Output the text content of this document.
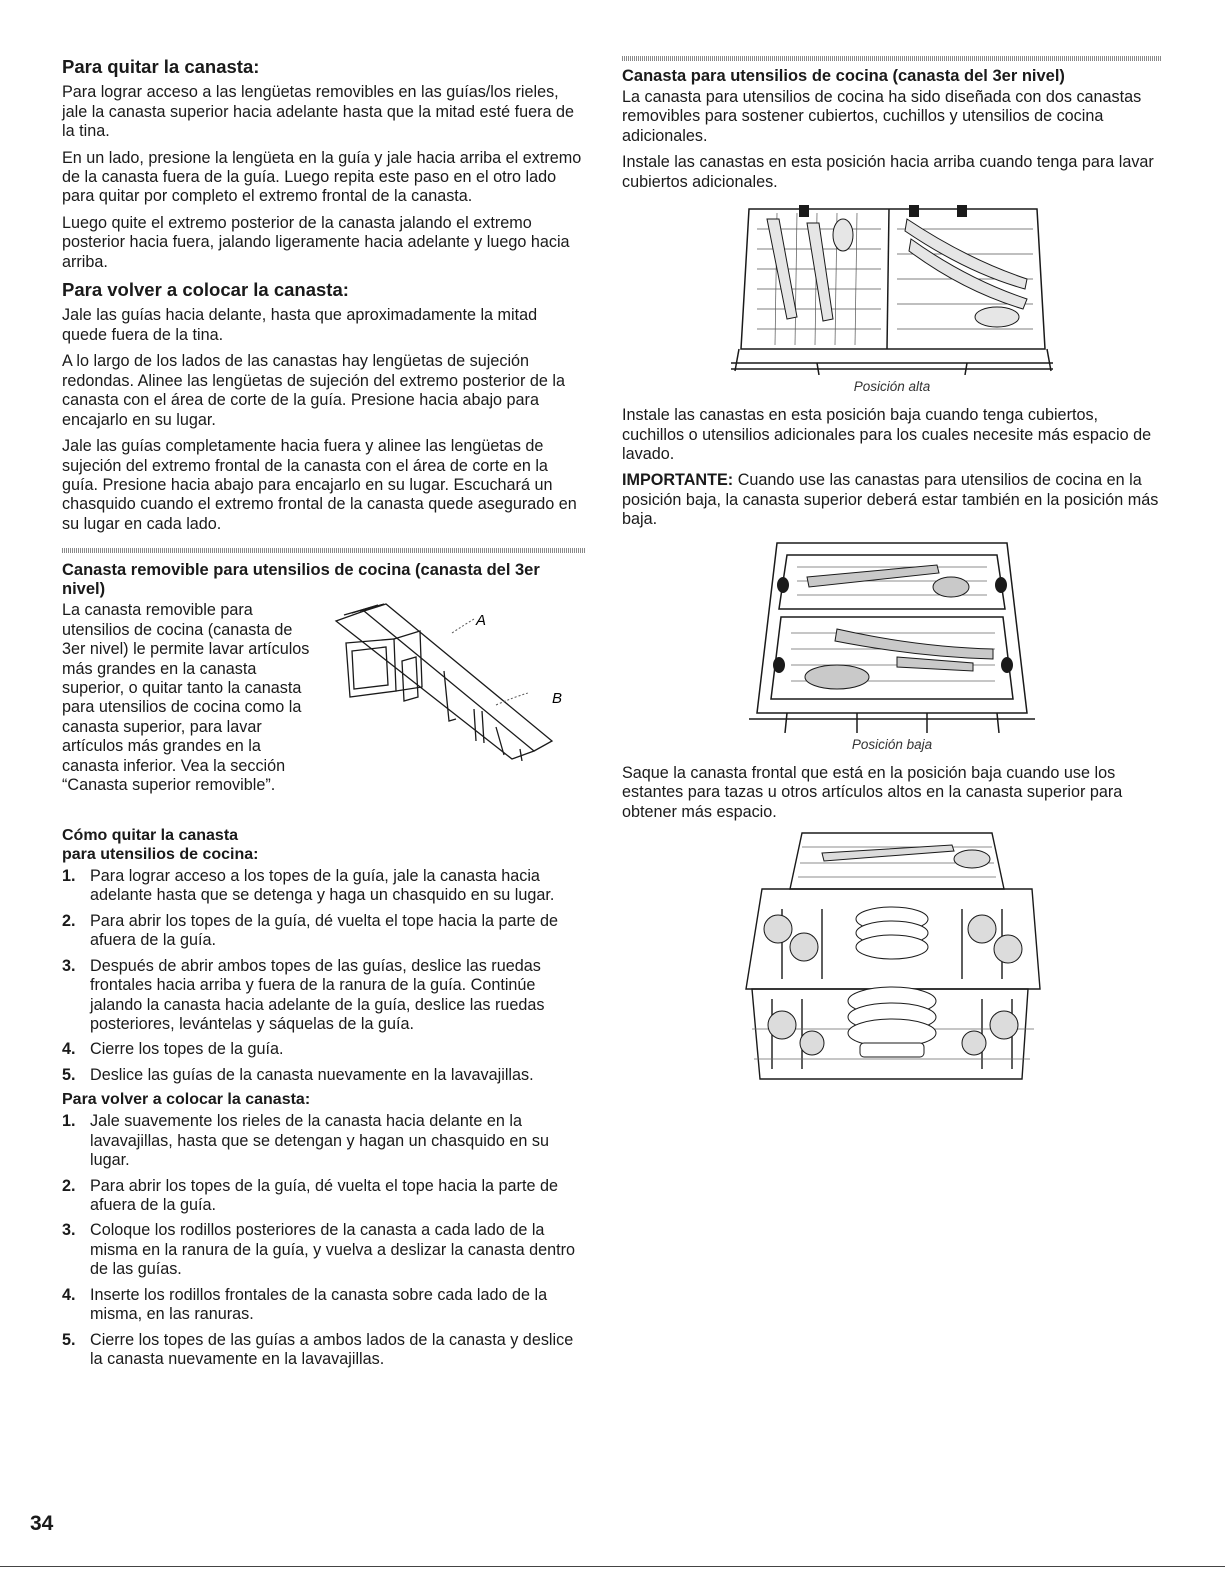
Para quitar la canasta:

Para lograr acceso a las lengüetas removibles en las guías/los rieles, jale la canasta superior hacia adelante hasta que la mitad esté fuera de la tina.

En un lado, presione la lengüeta en la guía y jale hacia arriba el extremo de la canasta fuera de la guía. Luego repita este paso en el otro lado para quitar por completo el extremo frontal de la canasta.

Luego quite el extremo posterior de la canasta jalando el extremo posterior hacia fuera, jalando ligeramente hacia adelante y luego hacia arriba.

Para volver a colocar la canasta:

Jale las guías hacia delante, hasta que aproximadamente la mitad quede fuera de la tina.

A lo largo de los lados de las canastas hay lengüetas de sujeción redondas. Alinee las lengüetas de sujeción del extremo posterior de la canasta con el área de corte de la guía. Presione hacia abajo para encajarlo en su lugar.

Jale las guías completamente hacia fuera y alinee las lengüetas de sujeción del extremo frontal de la canasta con el área de corte en la guía. Presione hacia abajo para encajarlo en su lugar. Escuchará un chasquido cuando el extremo frontal de la canasta quede asegurado en su lugar en cada lado.

Canasta removible para utensilios de cocina (canasta del 3er nivel)

La canasta removible para utensilios de cocina (canasta de 3er nivel) le permite lavar artículos más grandes en la canasta superior, o quitar tanto la canasta para utensilios de cocina como la canasta superior, para lavar artículos más grandes en la canasta inferior. Vea la sección “Canasta superior removible”.

A
B
Cómo quitar la canasta
para utensilios de cocina:
1. Para lograr acceso a los topes de la guía, jale la canasta hacia adelante hasta que se detenga y haga un chasquido en su lugar.
2. Para abrir los topes de la guía, dé vuelta el tope hacia la parte de afuera de la guía.
3. Después de abrir ambos topes de las guías, deslice las ruedas frontales hacia arriba y fuera de la ranura de la guía. Continúe jalando la canasta hacia adelante de la guía, deslice las ruedas posteriores, levántelas y sáquelas de la guía.
4. Cierre los topes de la guía.
5. Deslice las guías de la canasta nuevamente en la lavavajillas.
Para volver a colocar la canasta:
1. Jale suavemente los rieles de la canasta hacia delante en la lavavajillas, hasta que se detengan y hagan un chasquido en su lugar.
2. Para abrir los topes de la guía, dé vuelta el tope hacia la parte de afuera de la guía.
3. Coloque los rodillos posteriores de la canasta a cada lado de la misma en la ranura de la guía, y vuelva a deslizar la canasta dentro de las guías.
4. Inserte los rodillos frontales de la canasta sobre cada lado de la misma, en las ranuras.
5. Cierre los topes de las guías a ambos lados de la canasta y deslice la canasta nuevamente en la lavavajillas.
Canasta para utensilios de cocina (canasta del 3er nivel)

La canasta para utensilios de cocina ha sido diseñada con dos canastas removibles para sostener cubiertos, cuchillos y utensilios de cocina adicionales.

Instale las canastas en esta posición hacia arriba cuando tenga para lavar cubiertos adicionales.

Posición alta

Instale las canastas en esta posición baja cuando tenga cubiertos, cuchillos o utensilios adicionales para los cuales necesite más espacio de lavado.

IMPORTANTE: Cuando use las canastas para utensilios de cocina en la posición baja, la canasta superior deberá estar también en la posición más baja.

Posición baja

Saque la canasta frontal que está en la posición baja cuando use los estantes para tazas u otros artículos altos en la canasta superior para obtener más espacio.

34
